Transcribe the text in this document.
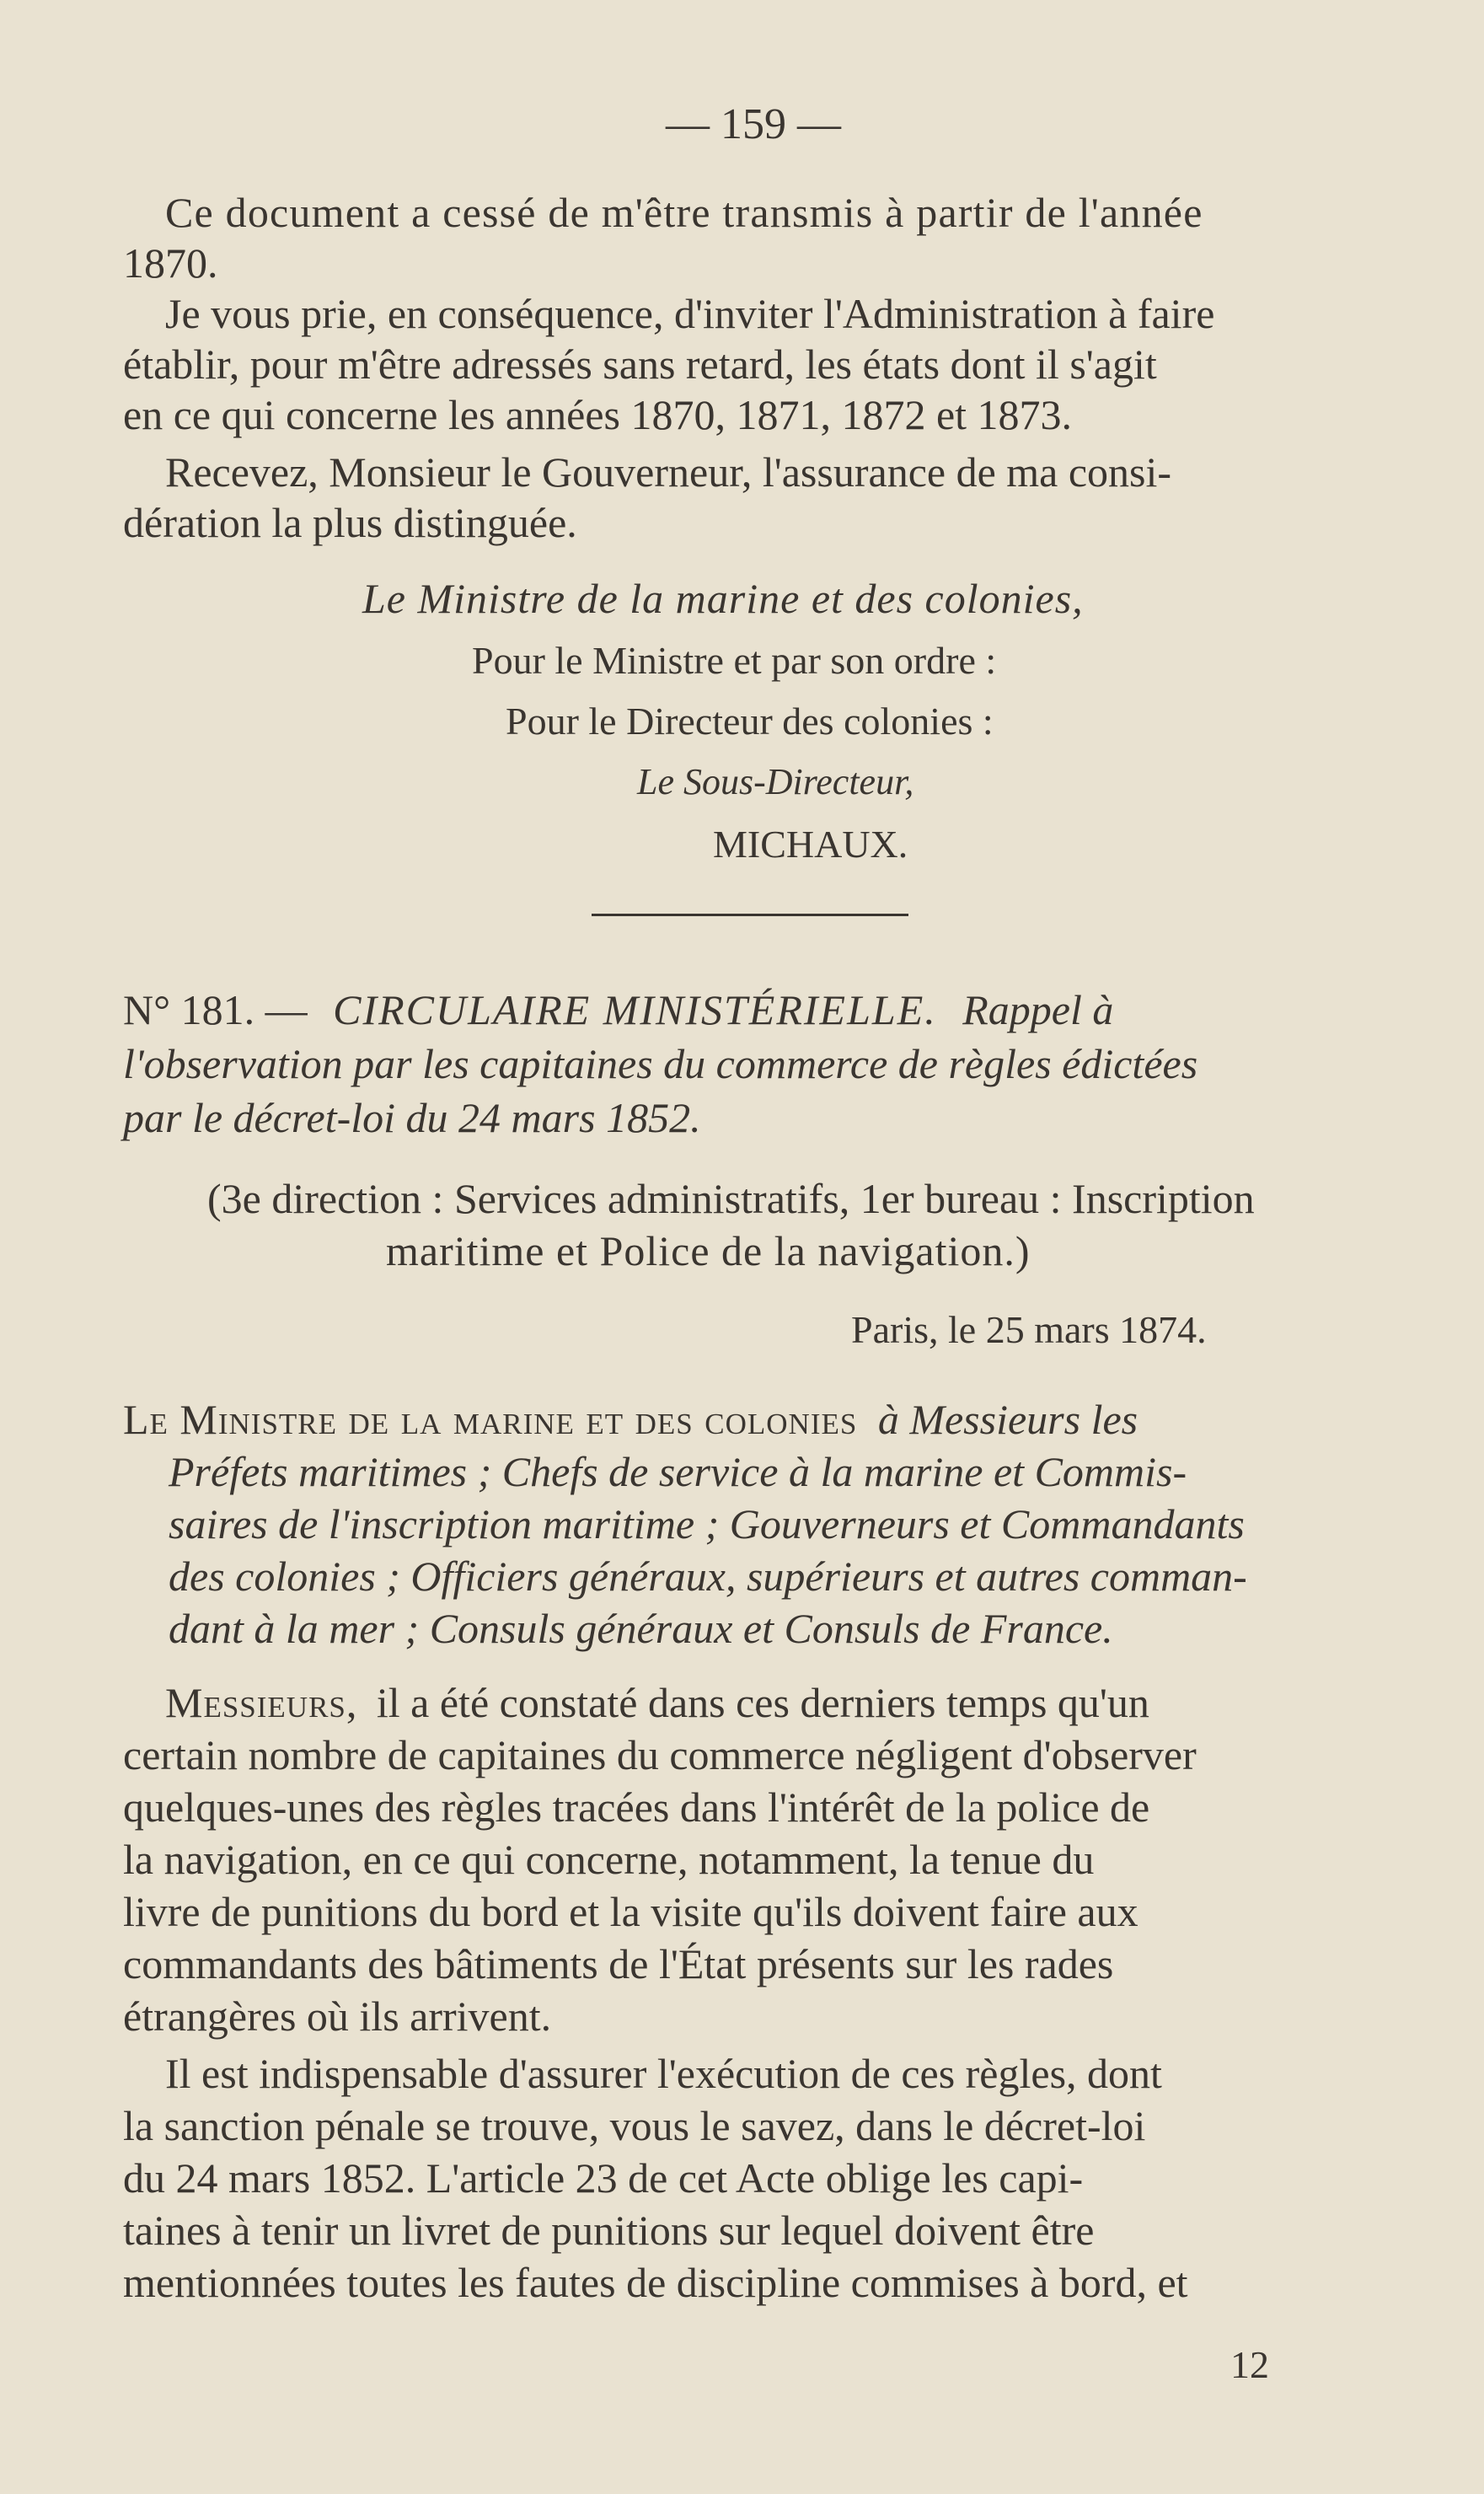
— 159 —

Ce document a cessé de m'être transmis à partir de l'année

1870.

Je vous prie, en conséquence, d'inviter l'Administration à faire

établir, pour m'être adressés sans retard, les états dont il s'agit

en ce qui concerne les années 1870, 1871, 1872 et 1873.

Recevez, Monsieur le Gouverneur, l'assurance de ma consi-

dération la plus distinguée.

Le Ministre de la marine et des colonies,

Pour le Ministre et par son ordre :

Pour le Directeur des colonies :

Le Sous-Directeur,

MICHAUX.

N° 181. — CIRCULAIRE MINISTÉRIELLE. Rappel à

l'observation par les capitaines du commerce de règles édictées

par le décret-loi du 24 mars 1852.

(3e direction : Services administratifs, 1er bureau : Inscription

maritime et Police de la navigation.)

Paris, le 25 mars 1874.

Le Ministre de la marine et des colonies à Messieurs les

Préfets maritimes ; Chefs de service à la marine et Commis-

saires de l'inscription maritime ; Gouverneurs et Commandants

des colonies ; Officiers généraux, supérieurs et autres comman-

dant à la mer ; Consuls généraux et Consuls de France.

Messieurs, il a été constaté dans ces derniers temps qu'un

certain nombre de capitaines du commerce négligent d'observer

quelques-unes des règles tracées dans l'intérêt de la police de

la navigation, en ce qui concerne, notamment, la tenue du

livre de punitions du bord et la visite qu'ils doivent faire aux

commandants des bâtiments de l'État présents sur les rades

étrangères où ils arrivent.

Il est indispensable d'assurer l'exécution de ces règles, dont

la sanction pénale se trouve, vous le savez, dans le décret-loi

du 24 mars 1852. L'article 23 de cet Acte oblige les capi-

taines à tenir un livret de punitions sur lequel doivent être

mentionnées toutes les fautes de discipline commises à bord, et

12
